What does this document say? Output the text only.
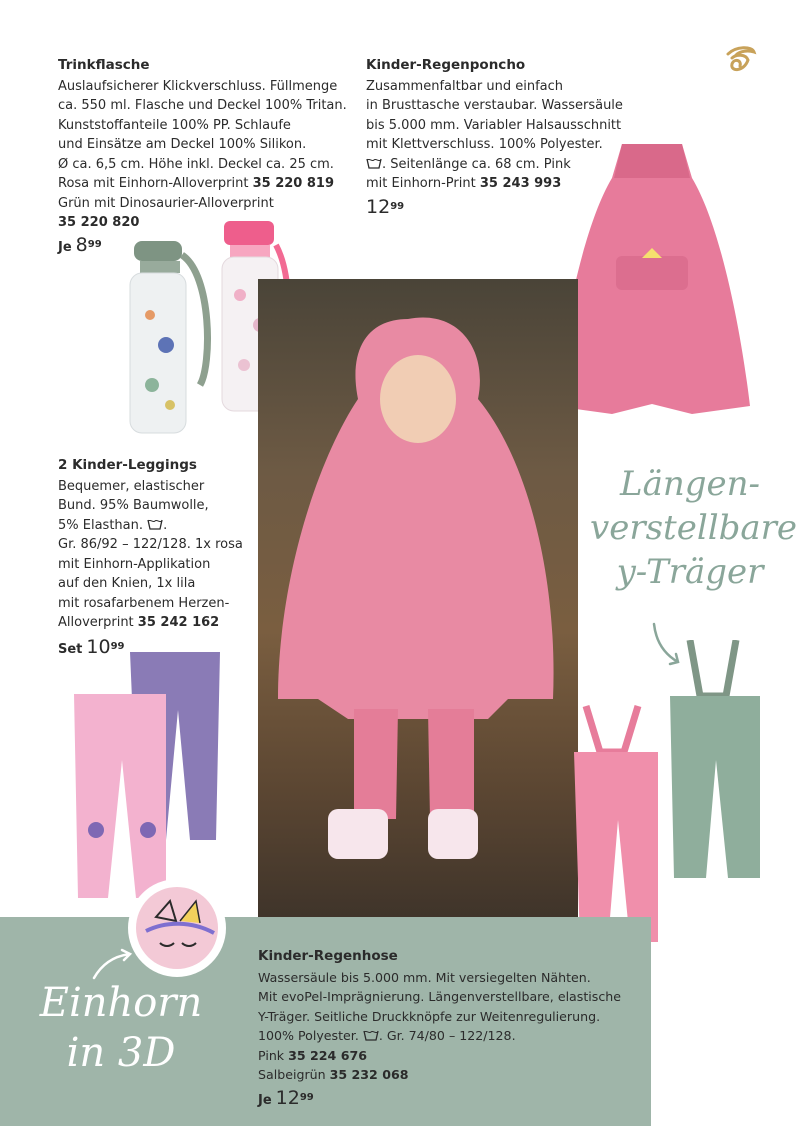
Trinkflasche
Auslaufsicherer Klickverschluss. Füllmenge
ca. 550 ml. Flasche und Deckel 100% Tritan.
Kunststoffanteile 100% PP. Schlaufe
und Einsätze am Deckel 100% Silikon.
Ø ca. 6,5 cm. Höhe inkl. Deckel ca. 25 cm.
Rosa mit Einhorn-Alloverprint 35 220 819
Grün mit Dinosaurier-Alloverprint
35 220 820
Je $8^{99}$
Kinder-Regenponcho
Zusammenfaltbar und einfach
in Brusttasche verstaubar. Wassersäule
bis 5.000 mm. Variabler Halsausschnitt
mit Klettverschluss. 100% Polyester.
. Seitenlänge ca. 68 cm. Pink
mit Einhorn-Print 35 243 993
$12^{99}$
2 Kinder-Leggings
Bequemer, elastischer
Bund. 95% Baumwolle,
5% Elasthan. .
Gr. 86/92 – 122/128. 1x rosa
mit Einhorn-Applikation
auf den Knien, 1x lila
mit rosafarbenem Herzen-
Alloverprint 35 242 162
Set $10^{99}$
Längen-
verstellbare
y-Träger
Kinder-Regenhose
Wassersäule bis 5.000 mm. Mit versiegelten Nähten.
Mit evoPel-Imprägnierung. Längenverstellbare, elastische
Y-Träger. Seitliche Druckknöpfe zur Weitenregulierung.
100% Polyester. . Gr. 74/80 – 122/128.
Pink 35 224 676
Salbeigrün 35 232 068
Je $12^{99}$
Einhorn
in 3D
